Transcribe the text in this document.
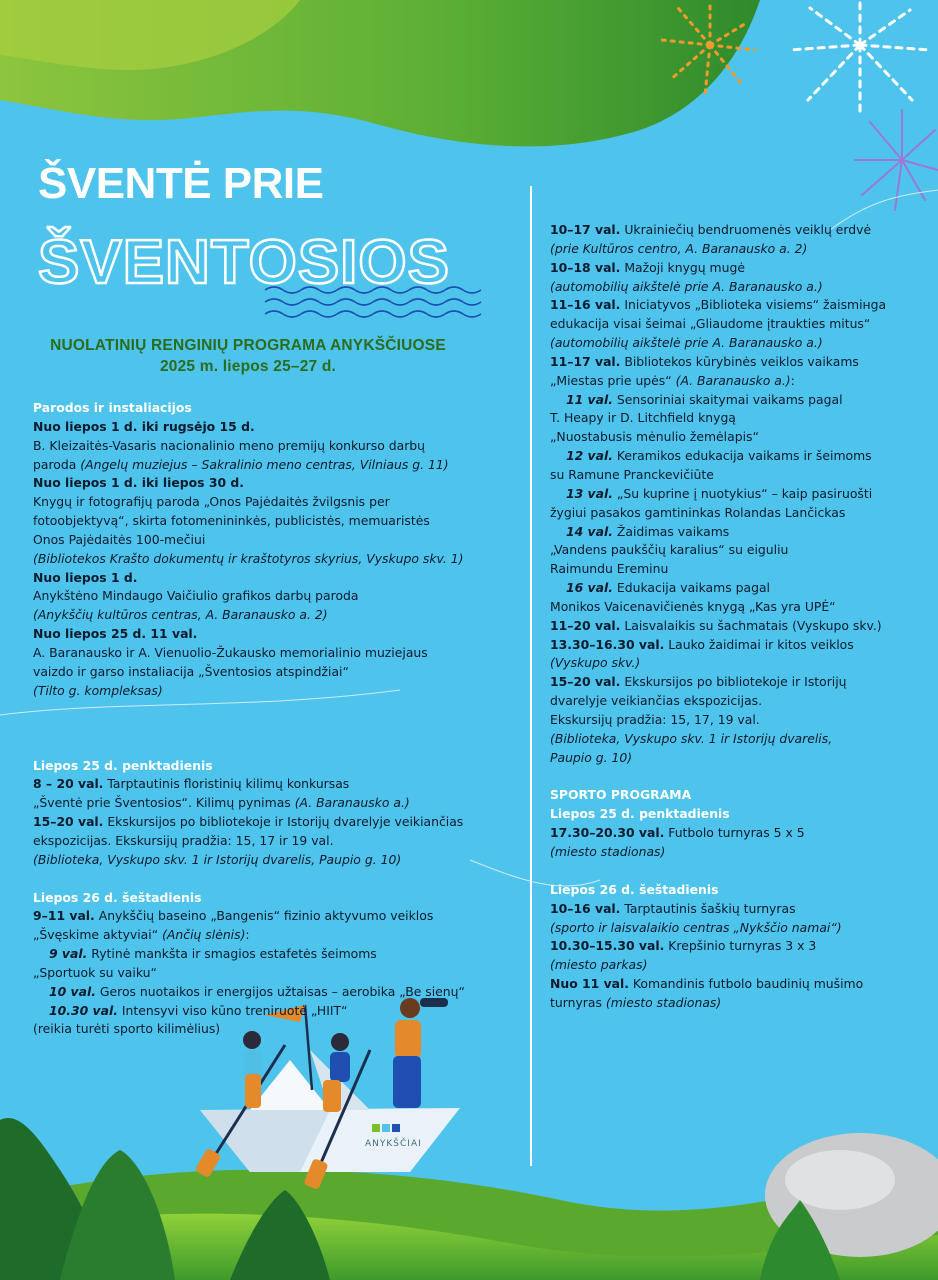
ANYKŠČIAI
ŠVENTĖ PRIE
ŠVENTOSIOS
NUOLATINIŲ RENGINIŲ PROGRAMA ANYKŠČIUOSE
2025 m. liepos 25–27 d.
Parodos ir instaliacijos
Nuo liepos 1 d. iki rugsėjo 15 d.
B. Kleizaitės-Vasaris nacionalinio meno premijų konkurso darbų
paroda (Angelų muziejus – Sakralinio meno centras, Vilniaus g. 11)
Nuo liepos 1 d. iki liepos 30 d.
Knygų ir fotografijų paroda „Onos Pajėdaitės žvilgsnis per
fotoobjektyvą“, skirta fotomenininkės, publicistės, memuaristės
Onos Pajėdaitės 100-mečiui
(Bibliotekos Krašto dokumentų ir kraštotyros skyrius, Vyskupo skv. 1)
Nuo liepos 1 d.
Anykštėno Mindaugo Vaičiulio grafikos darbų paroda
(Anykščių kultūros centras, A. Baranausko a. 2)
Nuo liepos 25 d. 11 val.
A. Baranausko ir A. Vienuolio-Žukausko memorialinio muziejaus
vaizdo ir garso instaliacija „Šventosios atspindžiai“
(Tilto g. kompleksas)
Liepos 25 d. penktadienis
8 – 20 val. Tarptautinis floristinių kilimų konkursas
„Šventė prie Šventosios“. Kilimų pynimas (A. Baranausko a.)
15–20 val. Ekskursijos po bibliotekoje ir Istorijų dvarelyje veikiančias
ekspozicijas. Ekskursijų pradžia: 15, 17 ir 19 val.
(Biblioteka, Vyskupo skv. 1 ir Istorijų dvarelis, Paupio g. 10)
Liepos 26 d. šeštadienis
9–11 val. Anykščių baseino „Bangenis“ fizinio aktyvumo veiklos
„Švęskime aktyviai“ (Ančių slėnis):
9 val. Rytinė mankšta ir smagios estafetės šeimoms
„Sportuok su vaiku“
10 val. Geros nuotaikos ir energijos užtaisas – aerobika „Be sienų“
10.30 val. Intensyvi viso kūno treniruotė „HIIT“
(reikia turėti sporto kilimėlius)
10–17 val. Ukrainiečių bendruomenės veiklų erdvė
(prie Kultūros centro, A. Baranausko a. 2)
10–18 val. Mažoji knygų mugė
(automobilių aikštelė prie A. Baranausko a.)
11–16 val. Iniciatyvos „Biblioteka visiems“ žaismінga
edukacija visai šeimai „Gliaudome įtraukties mitus“
(automobilių aikštelė prie A. Baranausko a.)
11–17 val. Bibliotekos kūrybinės veiklos vaikams
„Miestas prie upės“ (A. Baranausko a.):
11 val. Sensoriniai skaitymai vaikams pagal
T. Heapy ir D. Litchfield knygą
„Nuostabusis mėnulio žemėlapis“
12 val. Keramikos edukacija vaikams ir šeimoms
su Ramune Pranckevičiūte
13 val. „Su kuprine į nuotykius“ – kaip pasiruošti
žygiui pasakos gamtininkas Rolandas Lančickas
14 val. Žaidimas vaikams
„Vandens paukščių karalius“ su eiguliu
Raimundu Ereminu
16 val. Edukacija vaikams pagal
Monikos Vaicenavičienės knygą „Kas yra UPĖ“
11–20 val. Laisvalaikis su šachmatais (Vyskupo skv.)
13.30–16.30 val. Lauko žaidimai ir kitos veiklos
(Vyskupo skv.)
15–20 val. Ekskursijos po bibliotekoje ir Istorijų
dvarelyje veikiančias ekspozicijas.
Ekskursijų pradžia: 15, 17, 19 val.
(Biblioteka, Vyskupo skv. 1 ir Istorijų dvarelis,
Paupio g. 10)
SPORTO PROGRAMA
Liepos 25 d. penktadienis
17.30–20.30 val. Futbolo turnyras 5 x 5
(miesto stadionas)
Liepos 26 d. šeštadienis
10–16 val. Tarptautinis šaškių turnyras
(sporto ir laisvalaikio centras „Nykščio namai“)
10.30–15.30 val. Krepšinio turnyras 3 x 3
(miesto parkas)
Nuo 11 val. Komandinis futbolo baudinių mušimo
turnyras (miesto stadionas)
